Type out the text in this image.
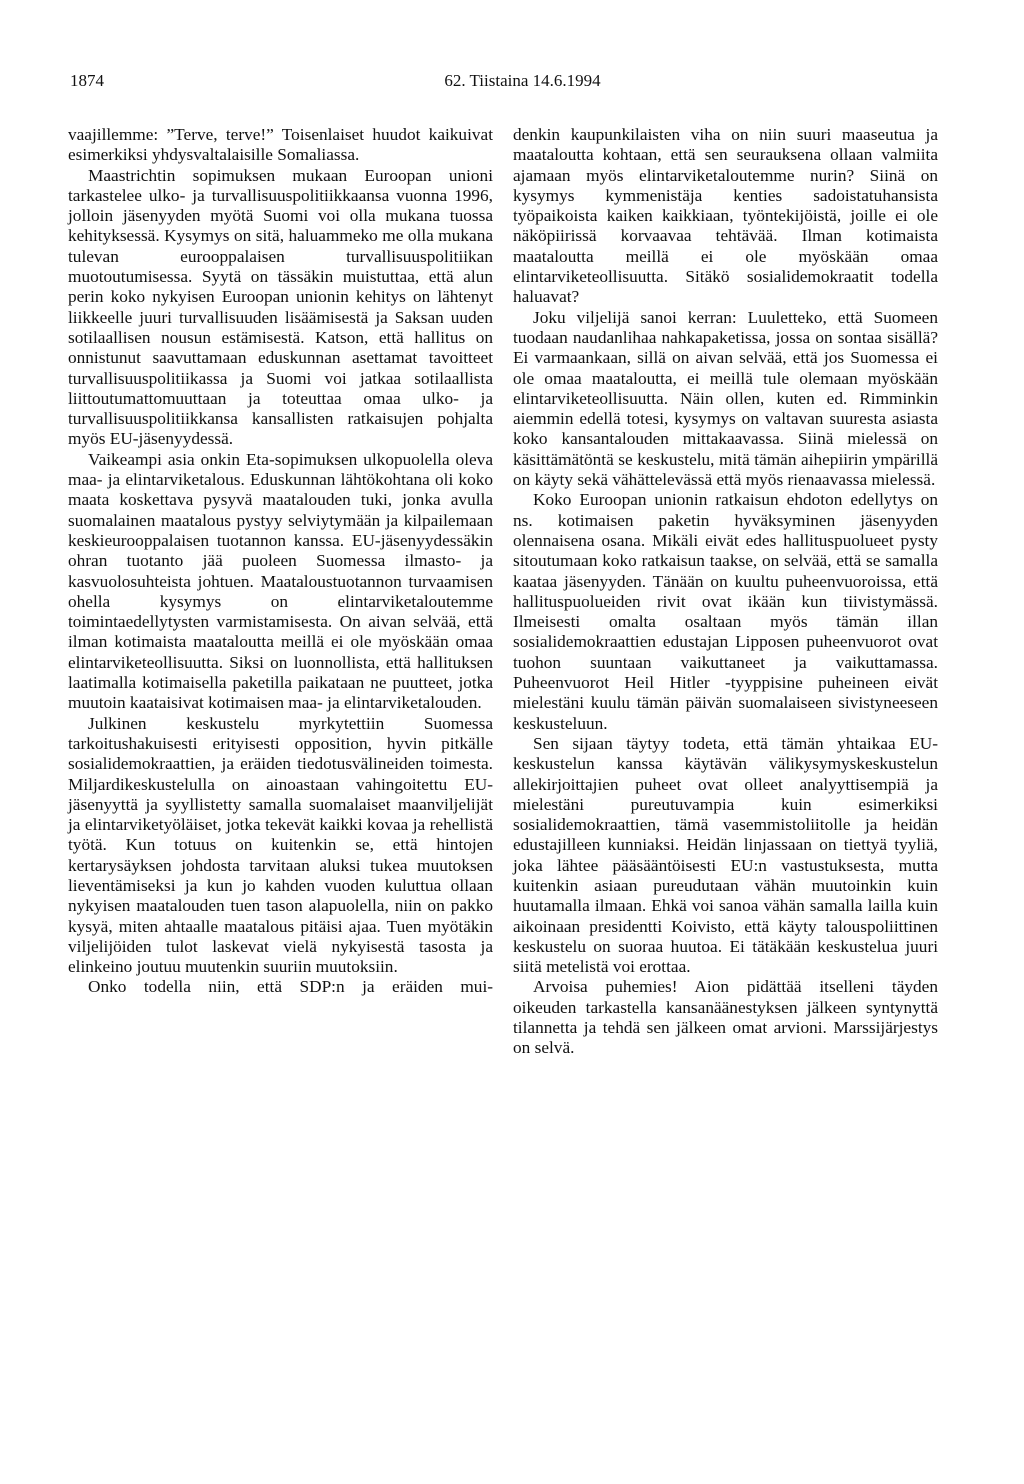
1874	62. Tiistaina 14.6.1994

vaajillemme: ”Terve, terve!” Toisenlaiset huudot kaikuivat esimerkiksi yhdysvaltalaisille Somaliassa.

Maastrichtin sopimuksen mukaan Euroopan unioni tarkastelee ulko- ja turvallisuuspolitiikkaansa vuonna 1996, jolloin jäsenyyden myötä Suomi voi olla mukana tuossa kehityksessä. Kysymys on sitä, haluammeko me olla mukana tulevan eurooppalaisen turvallisuuspolitiikan muotoutumisessa. Syytä on tässäkin muistuttaa, että alun perin koko nykyisen Euroopan unionin kehitys on lähtenyt liikkeelle juuri turvallisuuden lisäämisestä ja Saksan uuden sotilaallisen nousun estämisestä. Katson, että hallitus on onnistunut saavuttamaan eduskunnan asettamat tavoitteet turvallisuuspolitiikassa ja Suomi voi jatkaa sotilaallista liittoutumattomuuttaan ja toteuttaa omaa ulko- ja turvallisuuspolitiikkansa kansallisten ratkaisujen pohjalta myös EU-jäsenyydessä.

Vaikeampi asia onkin Eta-sopimuksen ulkopuolella oleva maa- ja elintarviketalous. Eduskunnan lähtökohtana oli koko maata koskettava pysyvä maatalouden tuki, jonka avulla suomalainen maatalous pystyy selviytymään ja kilpailemaan keskieurooppalaisen tuotannon kanssa. EU-jäsenyydessäkin ohran tuotanto jää puoleen Suomessa ilmasto- ja kasvuolosuhteista johtuen. Maataloustuotannon turvaamisen ohella kysymys on elintarviketaloutemme toimintaedellytysten varmistamisesta. On aivan selvää, että ilman kotimaista maataloutta meillä ei ole myöskään omaa elintarviketeollisuutta. Siksi on luonnollista, että hallituksen laatimalla kotimaisella paketilla paikataan ne puutteet, jotka muutoin kaataisivat kotimaisen maa- ja elintarviketalouden.

Julkinen keskustelu myrkytettiin Suomessa tarkoitushakuisesti erityisesti opposition, hyvin pitkälle sosialidemokraattien, ja eräiden tiedotusvälineiden toimesta. Miljardikeskustelulla on ainoastaan vahingoitettu EU-jäsenyyttä ja syyllistetty samalla suomalaiset maanviljelijät ja elintarviketyöläiset, jotka tekevät kaikki kovaa ja rehellistä työtä. Kun totuus on kuitenkin se, että hintojen kertarysäyksen johdosta tarvitaan aluksi tukea muutoksen lieventämiseksi ja kun jo kahden vuoden kuluttua ollaan nykyisen maatalouden tuen tason alapuolella, niin on pakko kysyä, miten ahtaalle maatalous pitäisi ajaa. Tuen myötäkin viljelijöiden tulot laskevat vielä nykyisestä tasosta ja elinkeino joutuu muutenkin suuriin muutoksiin.

Onko todella niin, että SDP:n ja eräiden mui-

denkin kaupunkilaisten viha on niin suuri maaseutua ja maataloutta kohtaan, että sen seurauksena ollaan valmiita ajamaan myös elintarviketaloutemme nurin? Siinä on kysymys kymmenistäja kenties sadoistatuhansista työpaikoista kaiken kaikkiaan, työntekijöistä, joille ei ole näköpiirissä korvaavaa tehtävää. Ilman kotimaista maataloutta meillä ei ole myöskään omaa elintarviketeollisuutta. Sitäkö sosialidemokraatit todella haluavat?

Joku viljelijä sanoi kerran: Luuletteko, että Suomeen tuodaan naudanlihaa nahkapaketissa, jossa on sontaa sisällä? Ei varmaankaan, sillä on aivan selvää, että jos Suomessa ei ole omaa maataloutta, ei meillä tule olemaan myöskään elintarviketeollisuutta. Näin ollen, kuten ed. Rimminkin aiemmin edellä totesi, kysymys on valtavan suuresta asiasta koko kansantalouden mittakaavassa. Siinä mielessä on käsittämätöntä se keskustelu, mitä tämän aihepiirin ympärillä on käyty sekä vähättelevässä että myös rienaavassa mielessä.

Koko Euroopan unionin ratkaisun ehdoton edellytys on ns. kotimaisen paketin hyväksyminen jäsenyyden olennaisena osana. Mikäli eivät edes hallituspuolueet pysty sitoutumaan koko ratkaisun taakse, on selvää, että se samalla kaataa jäsenyyden. Tänään on kuultu puheenvuoroissa, että hallituspuolueiden rivit ovat ikään kun tiivistymässä. Ilmeisesti omalta osaltaan myös tämän illan sosialidemokraattien edustajan Lipposen puheenvuorot ovat tuohon suuntaan vaikuttaneet ja vaikuttamassa. Puheenvuorot Heil Hitler -tyyppisine puheineen eivät mielestäni kuulu tämän päivän suomalaiseen sivistyneeseen keskusteluun.

Sen sijaan täytyy todeta, että tämän yhtaikaa EU-keskustelun kanssa käytävän välikysymyskeskustelun allekirjoittajien puheet ovat olleet analyyttisempiä ja mielestäni pureutuvampia kuin esimerkiksi sosialidemokraattien, tämä vasemmistoliitolle ja heidän edustajilleen kunniaksi. Heidän linjassaan on tiettyä tyyliä, joka lähtee pääsääntöisesti EU:n vastustuksesta, mutta kuitenkin asiaan pureudutaan vähän muutoinkin kuin huutamalla ilmaan. Ehkä voi sanoa vähän samalla lailla kuin aikoinaan presidentti Koivisto, että käyty talouspoliittinen keskustelu on suoraa huutoa. Ei tätäkään keskustelua juuri siitä metelistä voi erottaa.

Arvoisa puhemies! Aion pidättää itselleni täyden oikeuden tarkastella kansanäänestyksen jälkeen syntynyttä tilannetta ja tehdä sen jälkeen omat arvioni. Marssijärjestys on selvä.
